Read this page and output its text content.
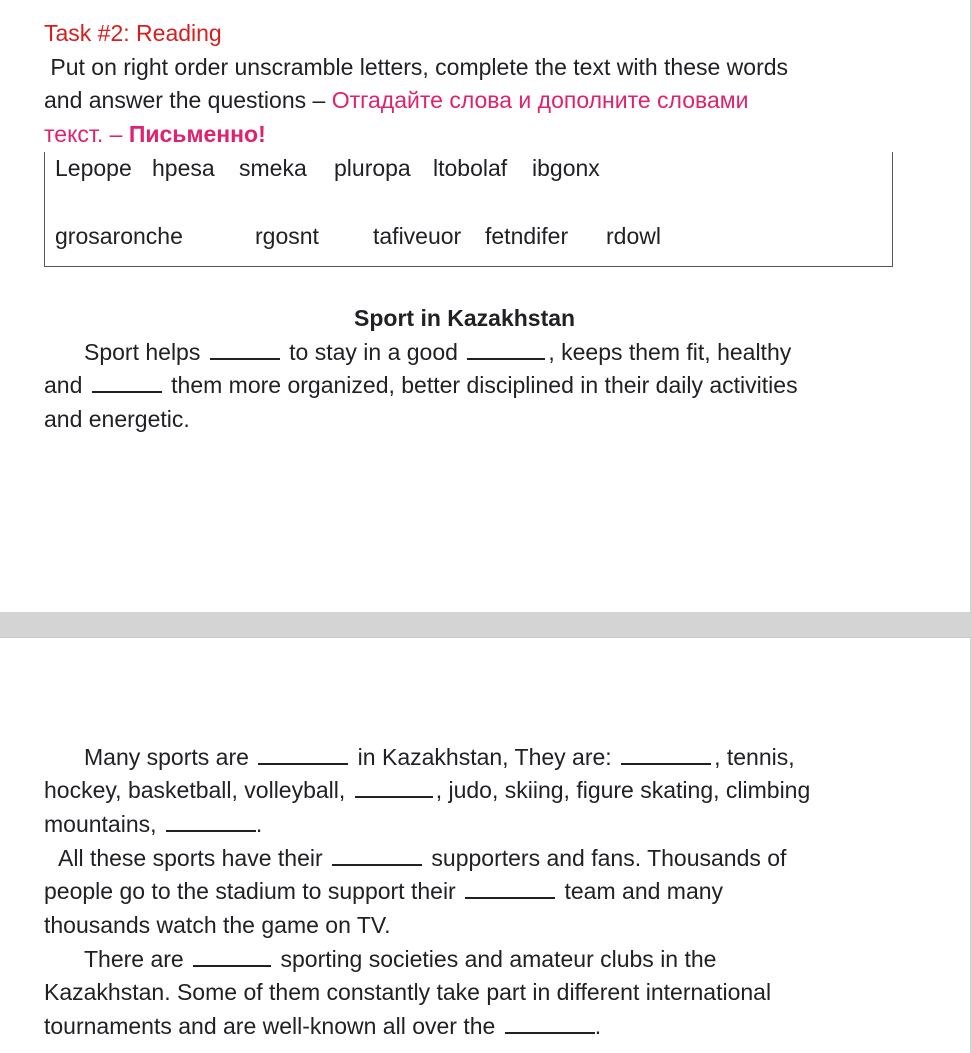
Task #2: Reading
Put on right order unscramble letters, complete the text with these words
and answer the questions – Отгадайте слова и дополните словами
текст. – Письменно!
Lepope hpesa smeka pluropa ltobolaf ibgonx
grosaronche	rgosnt tafiveuor fetndifer rdowl
Sport in Kazakhstan
Sport helps	to stay in a good	, keeps them fit, healthy
and	them more organized, better disciplined in their daily activities
and energetic.
Many sports are	in Kazakhstan, They are:	, tennis,
hockey, basketball, volleyball,	, judo, skiing, figure skating, climbing
mountains,	.
All these sports have their	supporters and fans. Thousands of
people go to the stadium to support their	team and many
thousands watch the game on TV.
There are	sporting societies and amateur clubs in the
Kazakhstan. Some of them constantly take part in different international
tournaments and are well-known all over the	.
